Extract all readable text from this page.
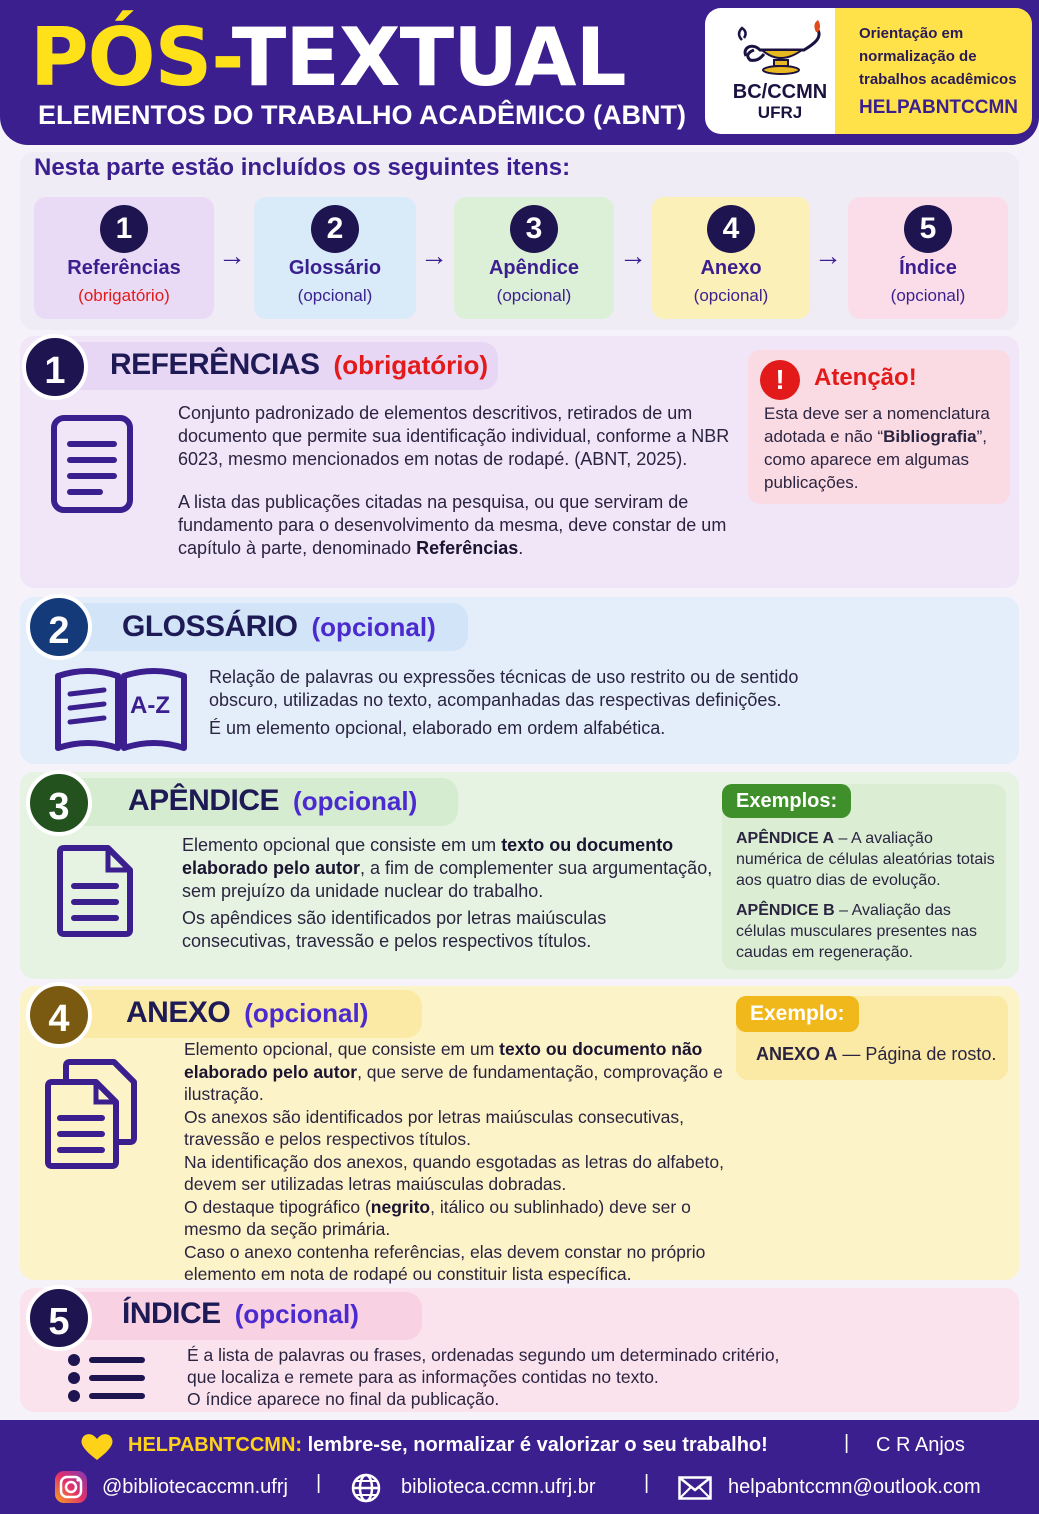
PÓS-TEXTUAL
ELEMENTOS DO TRABALHO ACADÊMICO (ABNT)
BC/CCMN
UFRJ
Orientação em
normalização de
trabalhos acadêmicos
HELPABNTCCMN
Nesta parte estão incluídos os seguintes itens:
1
Referências
(obrigatório)
→
2
Glossário
(opcional)
→
3
Apêndice
(opcional)
→
4
Anexo
(opcional)
→
5
Índice
(opcional)
1	REFERÊNCIAS (obrigatório)

Conjunto padronizado de elementos descritivos, retirados de um documento que permite sua identificação individual, conforme a NBR 6023, mesmo mencionados em notas de rodapé. (ABNT, 2025).

A lista das publicações citadas na pesquisa, ou que serviram de fundamento para o desenvolvimento da mesma, deve constar de um capítulo à parte, denominado Referências.

!	Atenção!
Esta deve ser a nomenclatura adotada e não “Bibliografia”, como aparece em algumas publicações.
2	GLOSSÁRIO (opcional)
A-Z

Relação de palavras ou expressões técnicas de uso restrito ou de sentido obscuro, utilizadas no texto, acompanhadas das respectivas definições.

É um elemento opcional, elaborado em ordem alfabética.

3	APÊNDICE (opcional)

Elemento opcional que consiste em um texto ou documento elaborado pelo autor, a fim de complementer sua argumentação, sem prejuízo da unidade nuclear do trabalho.

Os apêndices são identificados por letras maiúsculas consecutivas, travessão e pelos respectivos títulos.

Exemplos:
APÊNDICE A – A avaliação numérica de células aleatórias totais aos quatro dias de evolução.
APÊNDICE B – Avaliação das células musculares presentes nas caudas em regeneração.
4	ANEXO (opcional)

Elemento opcional, que consiste em um texto ou documento não elaborado pelo autor, que serve de fundamentação, comprovação e ilustração.

Os anexos são identificados por letras maiúsculas consecutivas, travessão e pelos respectivos títulos.

Na identificação dos anexos, quando esgotadas as letras do alfabeto, devem ser utilizadas letras maiúsculas dobradas.

O destaque tipográfico (negrito, itálico ou sublinhado) deve ser o mesmo da seção primária.

Caso o anexo contenha referências, elas devem constar no próprio elemento em nota de rodapé ou constituir lista específica.

Exemplo:
ANEXO A — Página de rosto.
5	ÍNDICE (opcional)

É a lista de palavras ou frases, ordenadas segundo um determinado critério, que localiza e remete para as informações contidas no texto.

O índice aparece no final da publicação.

HELPABNTCCMN: lembre-se, normalizar é valorizar o seu trabalho!	| C R Anjos
@bibliotecaccmn.ufrj |	biblioteca.ccmn.ufrj.br |	helpabntccmn@outlook.com
